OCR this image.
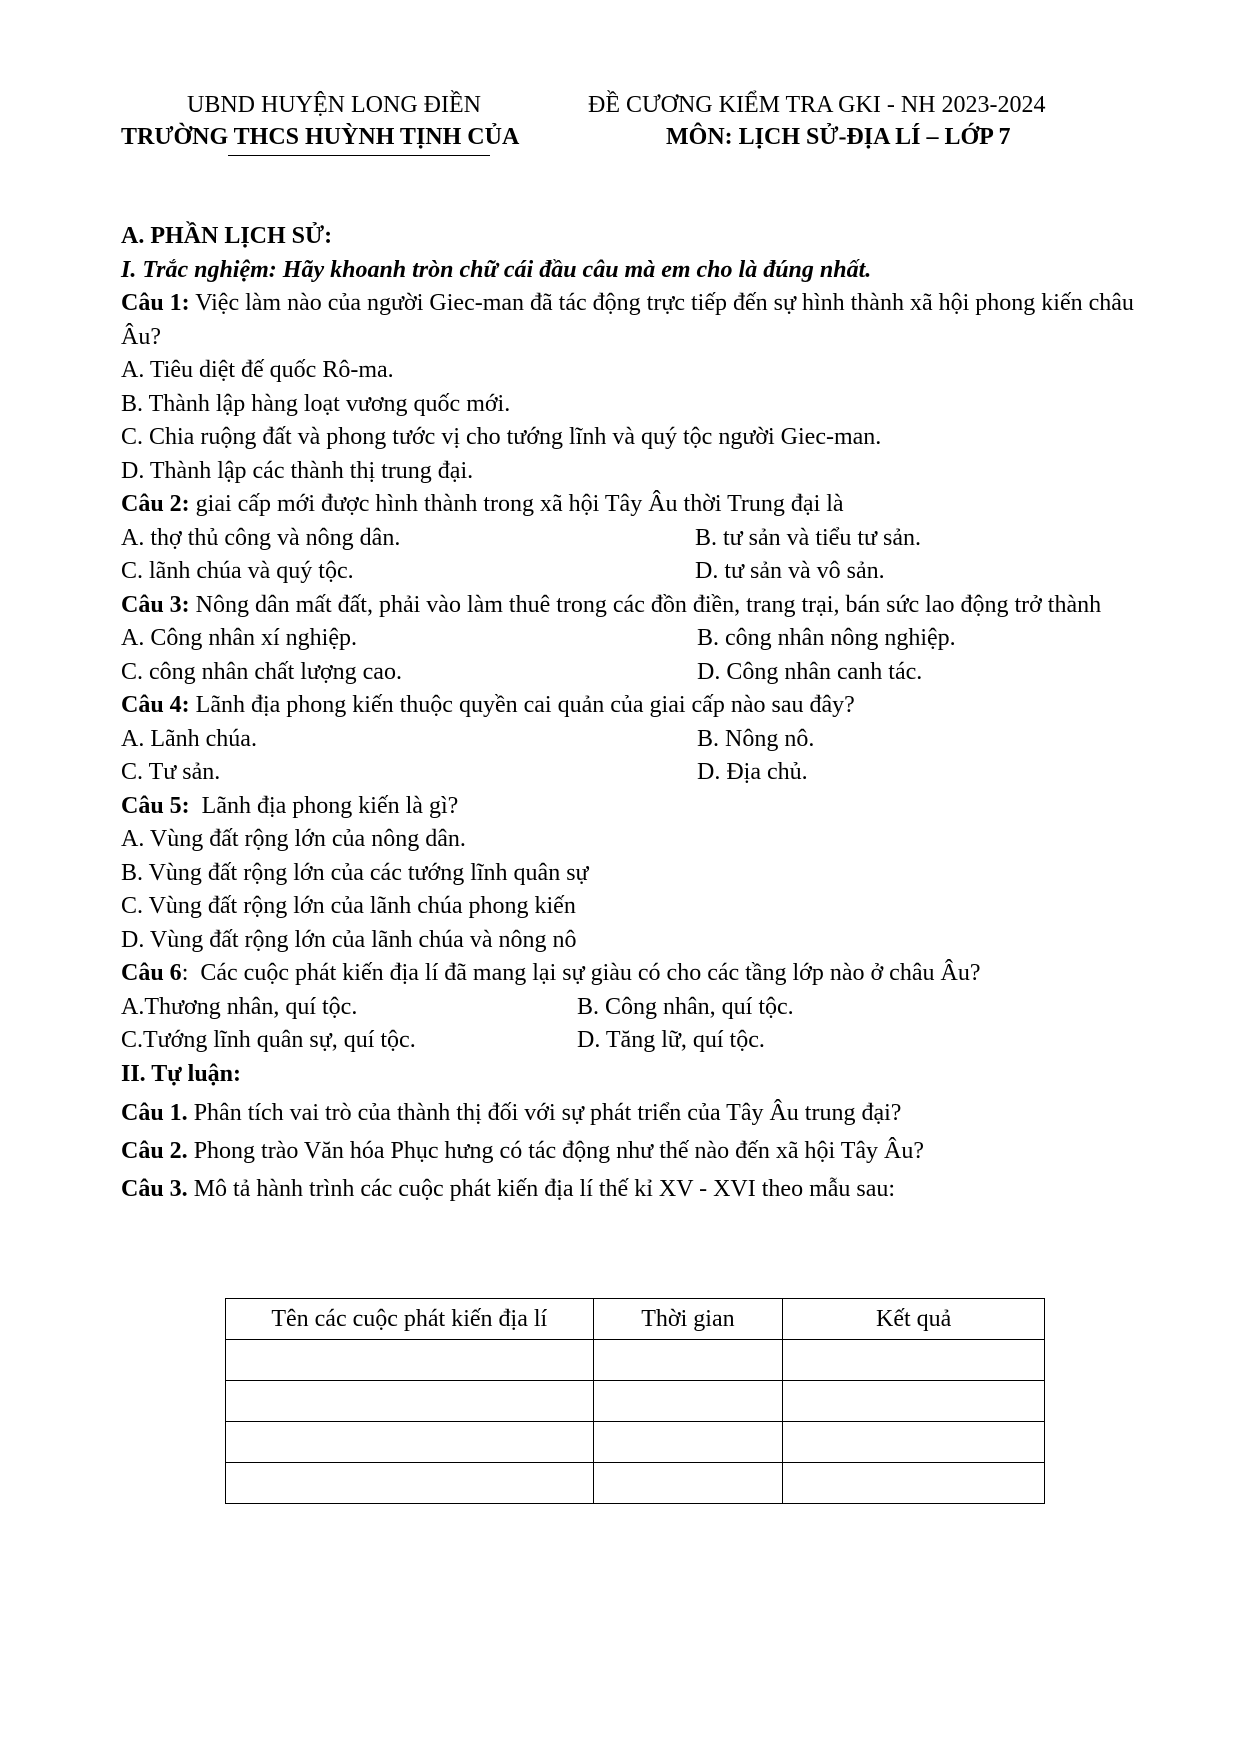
UBND HUYỆN LONG ĐIỀN	ĐỀ CƯƠNG KIỂM TRA GKI - NH 2023-2024
TRƯỜNG THCS HUỲNH TỊNH CỦA	MÔN: LỊCH SỬ-ĐỊA LÍ – LỚP 7
A. PHẦN LỊCH SỬ:
I. Trắc nghiệm: Hãy khoanh tròn chữ cái đầu câu mà em cho là đúng nhất.
Câu 1: Việc làm nào của người Giec-man đã tác động trực tiếp đến sự hình thành xã hội phong kiến châu Âu?
A. Tiêu diệt đế quốc Rô-ma.
B. Thành lập hàng loạt vương quốc mới.
C. Chia ruộng đất và phong tước vị cho tướng lĩnh và quý tộc người Giec-man.
D. Thành lập các thành thị trung đại.
Câu 2: giai cấp mới được hình thành trong xã hội Tây Âu thời Trung đại là
A. thợ thủ công và nông dân.	B. tư sản và tiểu tư sản.
C. lãnh chúa và quý tộc.	D. tư sản và vô sản.
Câu 3: Nông dân mất đất, phải vào làm thuê trong các đồn điền, trang trại, bán sức lao động trở thành
A. Công nhân xí nghiệp.	B. công nhân nông nghiệp.
C. công nhân chất lượng cao.	D. Công nhân canh tác.
Câu 4: Lãnh địa phong kiến thuộc quyền cai quản của giai cấp nào sau đây?
A. Lãnh chúa.	B. Nông nô.
C. Tư sản.	D. Địa chủ.
Câu 5:  Lãnh địa phong kiến là gì?
A. Vùng đất rộng lớn của nông dân.
B. Vùng đất rộng lớn của các tướng lĩnh quân sự
C. Vùng đất rộng lớn của lãnh chúa phong kiến
D. Vùng đất rộng lớn của lãnh chúa và nông nô
Câu 6:  Các cuộc phát kiến địa lí đã mang lại sự giàu có cho các tầng lớp nào ở châu Âu?
A.Thương nhân, quí tộc.	B. Công nhân, quí tộc.
C.Tướng lĩnh quân sự, quí tộc.	D. Tăng lữ, quí tộc.
II. Tự luận:
Câu 1. Phân tích vai trò của thành thị đối với sự phát triển của Tây Âu trung đại?
Câu 2. Phong trào Văn hóa Phục hưng có tác động như thế nào đến xã hội Tây Âu?
Câu 3. Mô tả hành trình các cuộc phát kiến địa lí thế kỉ XV - XVI theo mẫu sau:
Tên các cuộc phát kiến địa lí	Thời gian	Kết quả
